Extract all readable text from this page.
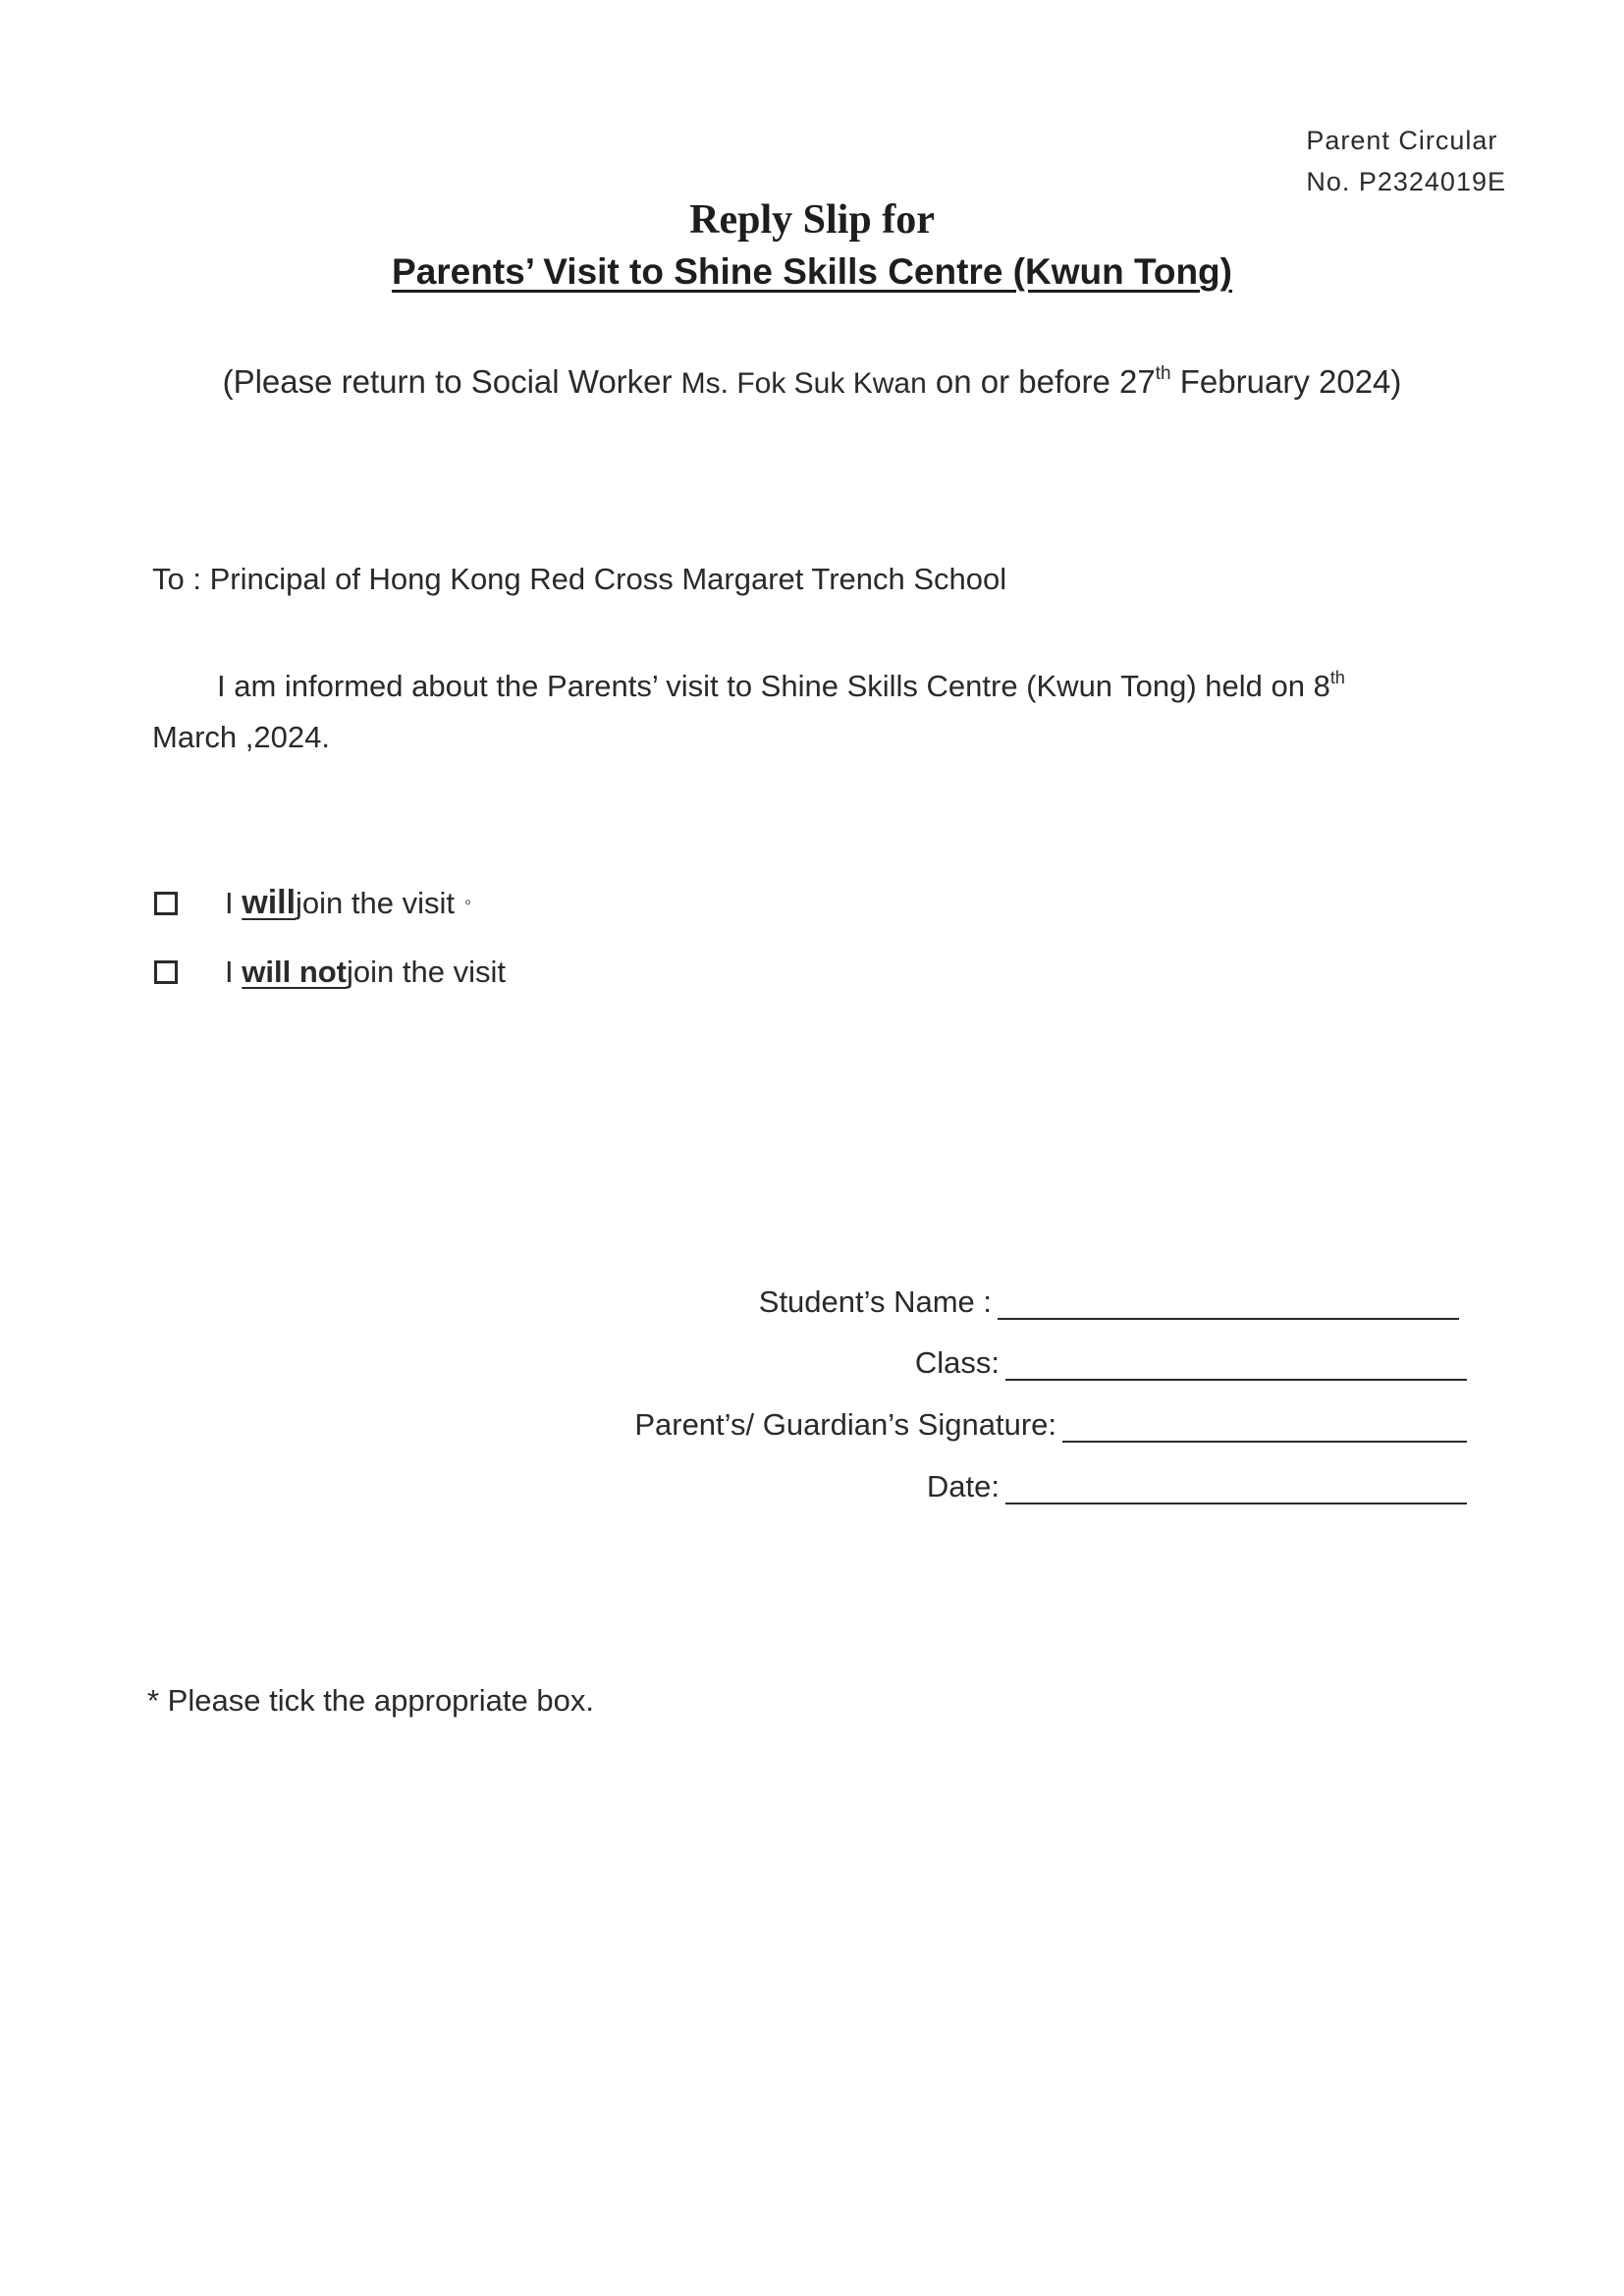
Parent Circular
No. P2324019E
Reply Slip for
Parents’ Visit to Shine Skills Centre (Kwun Tong)
(Please return to Social Worker Ms. Fok Suk Kwan on or before 27th February 2024)
To : Principal of Hong Kong Red Cross Margaret Trench School
I am informed about the Parents’ visit to Shine Skills Centre (Kwun Tong) held on 8th
March ,2024.
I
will join the visit ◦
I
will not join the visit
Student’s Name :
Class:
Parent’s/ Guardian’s Signature:
Date:
* Please tick the appropriate box.
